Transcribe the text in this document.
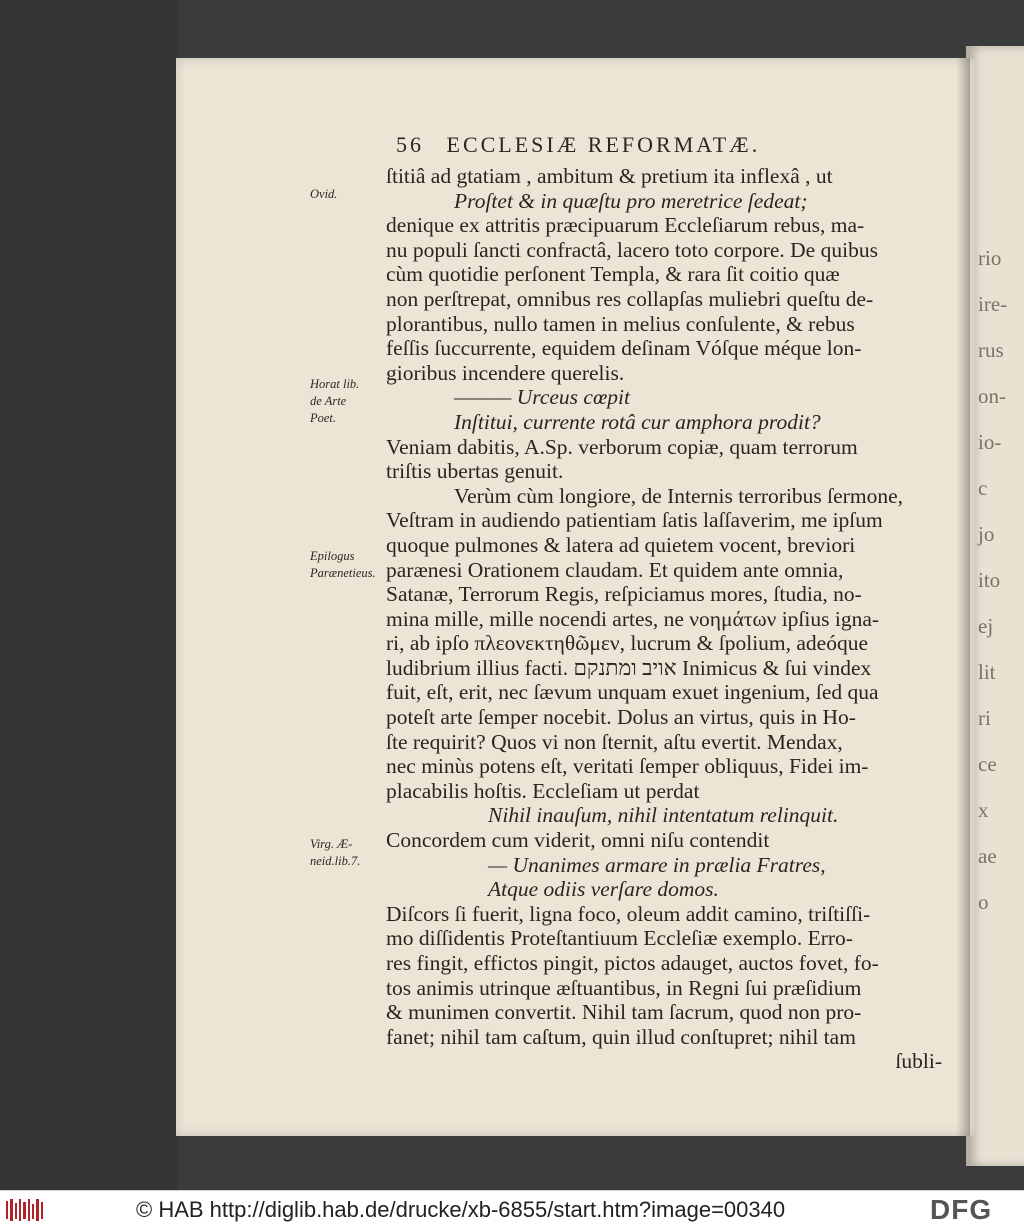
rio
ire-
rus
on-
io-
c
jo
ito
ej
lit
ri
ce
x
ae
o
56 ECCLESIÆ REFORMATÆ.
ſtitiâ ad gtatiam , ambitum & pretium ita inflexâ , ut
Proſtet & in quæſtu pro meretrice ſedeat;
denique ex attritis præcipuarum Eccleſiarum rebus, ma-
nu populi ſancti confractâ, lacero toto corpore. De quibus
cùm quotidie perſonent Templa, & rara ſit coitio quæ
non perſtrepat, omnibus res collapſas muliebri queſtu de-
plorantibus, nullo tamen in melius conſulente, & rebus
feſſis ſuccurrente, equidem deſinam Vóſque méque lon-
gioribus incendere querelis.
——— Urceus cœpit
Inſtitui, currente rotâ cur amphora prodit?
Veniam dabitis, A.Sp. verborum copiæ, quam terrorum
triſtis ubertas genuit.
Verùm cùm longiore, de Internis terroribus ſermone,
Veſtram in audiendo patientiam ſatis laſſaverim, me ipſum
quoque pulmones & latera ad quietem vocent, breviori
parænesi Orationem claudam. Et quidem ante omnia,
Satanæ, Terrorum Regis, reſpiciamus mores, ſtudia, no-
mina mille, mille nocendi artes, ne νοημάτων ipſius igna-
ri, ab ipſo πλεονεκτηθῶμεν, lucrum & ſpolium, adeóque
ludibrium illius facti. אויב ומתנקם Inimicus & ſui vindex
fuit, eſt, erit, nec ſævum unquam exuet ingenium, ſed qua
poteſt arte ſemper nocebit. Dolus an virtus, quis in Ho-
ſte requirit? Quos vi non ſternit, aſtu evertit. Mendax,
nec minùs potens eſt, veritati ſemper obliquus, Fidei im-
placabilis hoſtis. Eccleſiam ut perdat
Nihil inauſum, nihil intentatum relinquit.
Concordem cum viderit, omni niſu contendit
— Unanimes armare in prælia Fratres,
Atque odiis verſare domos.
Diſcors ſi fuerit, ligna foco, oleum addit camino, triſtiſſi-
mo diſſidentis Proteſtantiuum Eccleſiæ exemplo. Erro-
res fingit, effictos pingit, pictos adauget, auctos fovet, fo-
tos animis utrinque æſtuantibus, in Regni ſui præſidium
& munimen convertit. Nihil tam ſacrum, quod non pro-
fanet; nihil tam caſtum, quin illud conſtupret; nihil tam
ſubli-
Ovid.
Horat lib. de Arte Poet.
Epilogus Parænetieus.
Virg. Æ-neid.lib.7.
© HAB http://diglib.hab.de/drucke/xb-6855/start.htm?image=00340	DFG
